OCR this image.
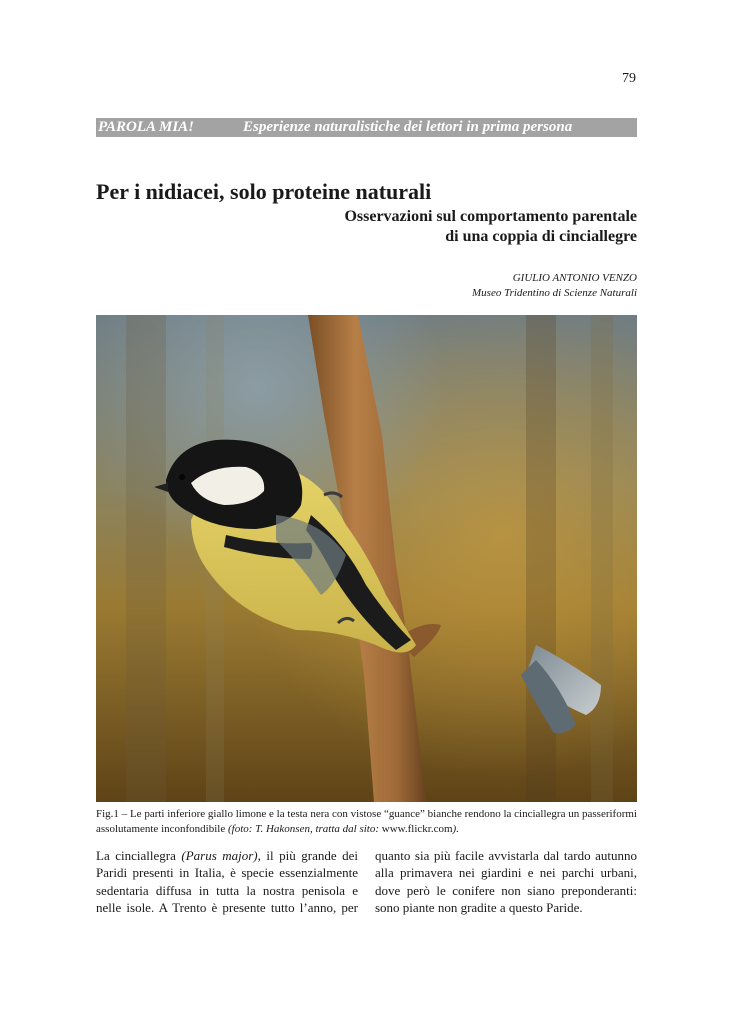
79
PAROLA MIA!	Esperienze naturalistiche dei lettori in prima persona
Per i nidiacei, solo proteine naturali
Osservazioni sul comportamento parentale
di una coppia di cinciallegre
GIULIO ANTONIO VENZO
Museo Tridentino di Scienze Naturali
Fig.1 – Le parti inferiore giallo limone e la testa nera con vistose “guance” bianche rendono la cinciallegra un passeriformi assolutamente inconfondibile (foto: T. Hakonsen, tratta dal sito: www.flickr.com).
La cinciallegra (Parus major), il più grande dei
Paridi presenti in Italia, è specie essenzialmente
sedentaria diffusa in tutta la nostra penisola e
nelle isole. A Trento è presente tutto l’anno, per
quanto sia più facile avvistarla dal tardo autunno
alla primavera nei giardini e nei parchi urbani,
dove però le conifere non siano preponderanti:
sono piante non gradite a questo Paride.
